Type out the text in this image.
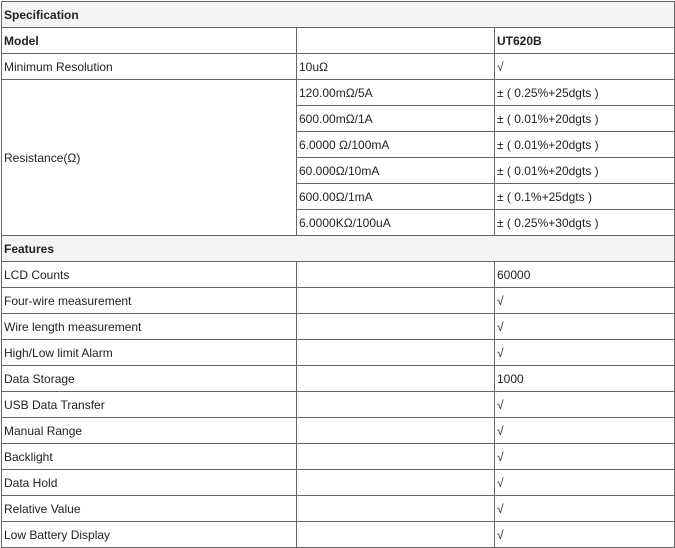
Specification		
Model		UT620B
Minimum Resolution	10uΩ	√
Resistance(Ω)	120.00mΩ/5A	± ( 0.25%+25dgts )
	600.00mΩ/1A	± ( 0.01%+20dgts )
	6.0000 Ω/100mA	± ( 0.01%+20dgts )
	60.000Ω/10mA	± ( 0.01%+20dgts )
	600.00Ω/1mA	± ( 0.1%+25dgts )
	6.0000KΩ/100uA	± ( 0.25%+30dgts )
Features		
LCD Counts		60000
Four-wire measurement		√
Wire length measurement		√
High/Low limit Alarm		√
Data Storage		1000
USB Data Transfer		√
Manual Range		√
Backlight		√
Data Hold		√
Relative Value		√
Low Battery Display		√
